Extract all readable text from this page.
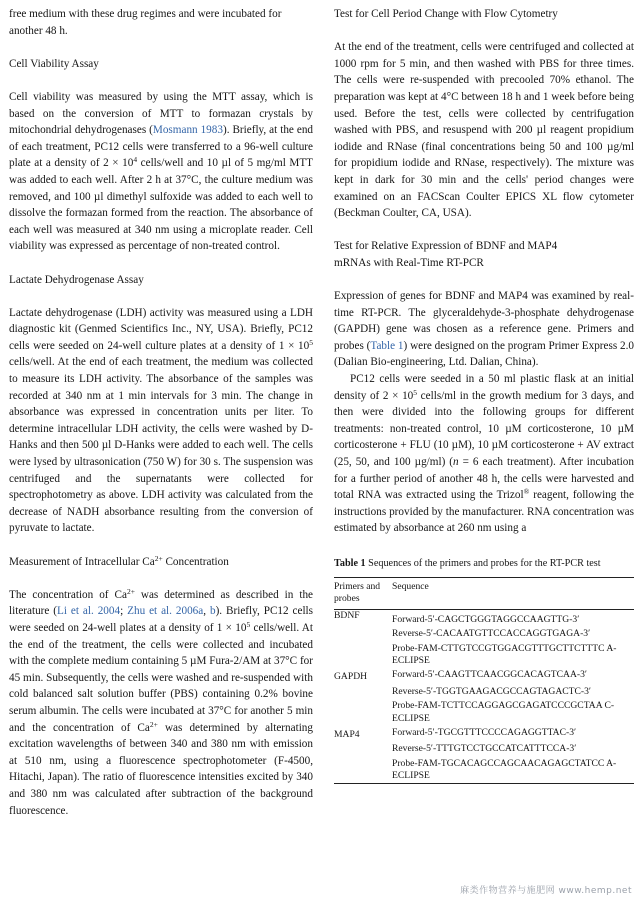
free medium with these drug regimes and were incubated for
another 48 h.

Cell Viability Assay

Cell viability was measured by using the MTT assay, which is based on the conversion of MTT to formazan crystals by mitochondrial dehydrogenases (Mosmann 1983). Briefly, at the end of each treatment, PC12 cells were transferred to a 96-well culture plate at a density of $2 \times 10^4$ cells/well and 10 µl of 5 mg/ml MTT was added to each well. After 2 h at 37°C, the culture medium was removed, and 100 µl dimethyl sulfoxide was added to each well to dissolve the formazan formed from the reaction. The absorbance of each well was measured at 340 nm using a microplate reader. Cell viability was expressed as percentage of non-treated control.

Lactate Dehydrogenase Assay

Lactate dehydrogenase (LDH) activity was measured using a LDH diagnostic kit (Genmed Scientifics Inc., NY, USA). Briefly, PC12 cells were seeded on 24-well culture plates at a density of $1 \times 10^5$ cells/well. At the end of each treatment, the medium was collected to measure its LDH activity. The absorbance of the samples was recorded at 340 nm at 1 min intervals for 3 min. The change in absorbance was expressed in concentration units per liter. To determine intracellular LDH activity, the cells were washed by D-Hanks and then 500 µl D-Hanks were added to each well. The cells were lysed by ultrasonication (750 W) for 30 s. The suspension was centrifuged and the supernatants were collected for spectrophotometry as above. LDH activity was calculated from the decrease of NADH absorbance resulting from the conversion of pyruvate to lactate.

Measurement of Intracellular $Ca^{2+}$ Concentration

The concentration of $Ca^{2+}$ was determined as described in the literature (Li et al. 2004; Zhu et al. 2006a, b). Briefly, PC12 cells were seeded on 24-well plates at a density of $1 \times 10^5$ cells/well. At the end of the treatment, the cells were collected and incubated with the complete medium containing 5 µM Fura-2/AM at 37°C for 45 min. Subsequently, the cells were washed and re-suspended with cold balanced salt solution buffer (PBS) containing 0.2% bovine serum albumin. The cells were incubated at 37°C for another 5 min and the concentration of $Ca^{2+}$ was determined by alternating excitation wavelengths of between 340 and 380 nm with emission at 510 nm, using a fluorescence spectrophotometer (F-4500, Hitachi, Japan). The ratio of fluorescence intensities excited by 340 and 380 nm was calculated after subtraction of the background fluorescence.

Test for Cell Period Change with Flow Cytometry

At the end of the treatment, cells were centrifuged and collected at 1000 rpm for 5 min, and then washed with PBS for three times. The cells were re-suspended with precooled 70% ethanol. The preparation was kept at 4°C between 18 h and 1 week before being used. Before the test, cells were collected by centrifugation washed with PBS, and resuspend with 200 µl reagent propidium iodide and RNase (final concentrations being 50 and 100 µg/ml for propidium iodide and RNase, respectively). The mixture was kept in dark for 30 min and the cells' period changes were examined on an FACScan Coulter EPICS XL flow cytometer (Beckman Coulter, CA, USA).

Test for Relative Expression of BDNF and MAP4
mRNAs with Real-Time RT-PCR

Expression of genes for BDNF and MAP4 was examined by real-time RT-PCR. The glyceraldehyde-3-phosphate dehydrogenase (GAPDH) gene was chosen as a reference gene. Primers and probes (Table 1) were designed on the program Primer Express 2.0 (Dalian Bio-engineering, Ltd. Dalian, China).

PC12 cells were seeded in a 50 ml plastic flask at an initial density of $2 \times 10^5$ cells/ml in the growth medium for 3 days, and then were divided into the following groups for different treatments: non-treated control, 10 µM corticosterone, 10 µM corticosterone + FLU (10 µM), 10 µM corticosterone + AV extract (25, 50, and 100 µg/ml) (n = 6 each treatment). After incubation for a further period of another 48 h, the cells were harvested and total RNA was extracted using the Trizol® reagent, following the instructions provided by the manufacturer. RNA concentration was estimated by absorbance at 260 nm using a

Table 1 Sequences of the primers and probes for the RT-PCR test

Primers and probes	Sequence
BDNF	Forward-5′-CAGCTGGGTAGGCCAAGTTG-3′
	Reverse-5′-CACAATGTTCCACCAGGTGAGA-3′
	Probe-FAM-CTTGTCCGTGGACGTTTGCTTCTTTC A-ECLIPSE
GAPDH	Forward-5′-CAAGTTCAACGGCACAGTCAA-3′
	Reverse-5′-TGGTGAAGACGCCAGTAGACTC-3′
	Probe-FAM-TCTTCCAGGAGCGAGATCCCGCTAA C-ECLIPSE
MAP4	Forward-5′-TGCGTTTCCCCAGAGGTTAC-3′
	Reverse-5′-TTTGTCCTGCCATCATTTCCA-3′
	Probe-FAM-TGCACAGCCAGCAACAGAGCTATCC A-ECLIPSE

麻类作物营养与施肥网 www.hemp.net
